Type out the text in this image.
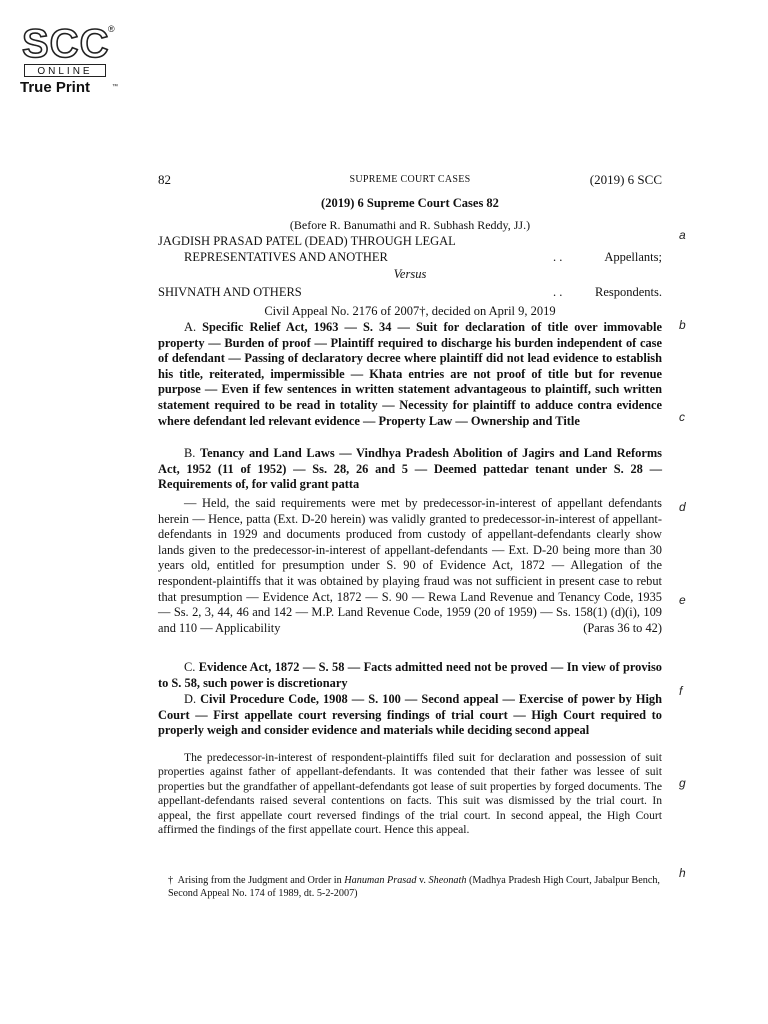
SCC
®
ONLINE
True Print	™
82	SUPREME COURT CASES	(2019) 6 SCC
(2019) 6 Supreme Court Cases 82
(Before R. Banumathi and R. Subhash Reddy, JJ.)
JAGDISH PRASAD PATEL (DEAD) THROUGH LEGAL
REPRESENTATIVES AND ANOTHER	. .	Appellants;
Versus
SHIVNATH AND OTHERS	. .	Respondents.
Civil Appeal No. 2176 of 2007†, decided on April 9, 2019
A. Specific Relief Act, 1963 — S. 34 — Suit for declaration of title over immovable property — Burden of proof — Plaintiff required to discharge his burden independent of case of defendant — Passing of declaratory decree where plaintiff did not lead evidence to establish his title, reiterated, impermissible — Khata entries are not proof of title but for revenue purpose — Even if few sentences in written statement advantageous to plaintiff, such written statement required to be read in totality — Necessity for plaintiff to adduce contra evidence where defendant led relevant evidence — Property Law — Ownership and Title
B. Tenancy and Land Laws — Vindhya Pradesh Abolition of Jagirs and Land Reforms Act, 1952 (11 of 1952) — Ss. 28, 26 and 5 — Deemed pattedar tenant under S. 28 — Requirements of, for valid grant patta
— Held, the said requirements were met by predecessor-in-interest of appellant defendants herein — Hence, patta (Ext. D-20 herein) was validly granted to predecessor-in-interest of appellant-defendants in 1929 and documents produced from custody of appellant-defendants clearly show lands given to the predecessor-in-interest of appellant-defendants — Ext. D-20 being more than 30 years old, entitled for presumption under S. 90 of Evidence Act, 1872 — Allegation of the respondent-plaintiffs that it was obtained by playing fraud was not sufficient in present case to rebut that presumption — Evidence Act, 1872 — S. 90 — Rewa Land Revenue and Tenancy Code, 1935 — Ss. 2, 3, 44, 46 and 142 — M.P. Land Revenue Code, 1959 (20 of 1959) — Ss. 158(1) (d)(i), 109 and 110 — Applicability	(Paras 36 to 42)
C. Evidence Act, 1872 — S. 58 — Facts admitted need not be proved — In view of proviso to S. 58, such power is discretionary
D. Civil Procedure Code, 1908 — S. 100 — Second appeal — Exercise of power by High Court — First appellate court reversing findings of trial court — High Court required to properly weigh and consider evidence and materials while deciding second appeal
The predecessor-in-interest of respondent-plaintiffs filed suit for declaration and possession of suit properties against father of appellant-defendants. It was contended that their father was lessee of suit properties but the grandfather of appellant-defendants got lease of suit properties by forged documents. The appellant-defendants raised several contentions on facts. This suit was dismissed by the trial court. In appeal, the first appellate court reversed findings of the trial court. In second appeal, the High Court affirmed the findings of the first appellate court. Hence this appeal.
† Arising from the Judgment and Order in Hanuman Prasad v. Sheonath (Madhya Pradesh High Court, Jabalpur Bench, Second Appeal No. 174 of 1989, dt. 5-2-2007)
a
b
c
d
e
f
g
h
